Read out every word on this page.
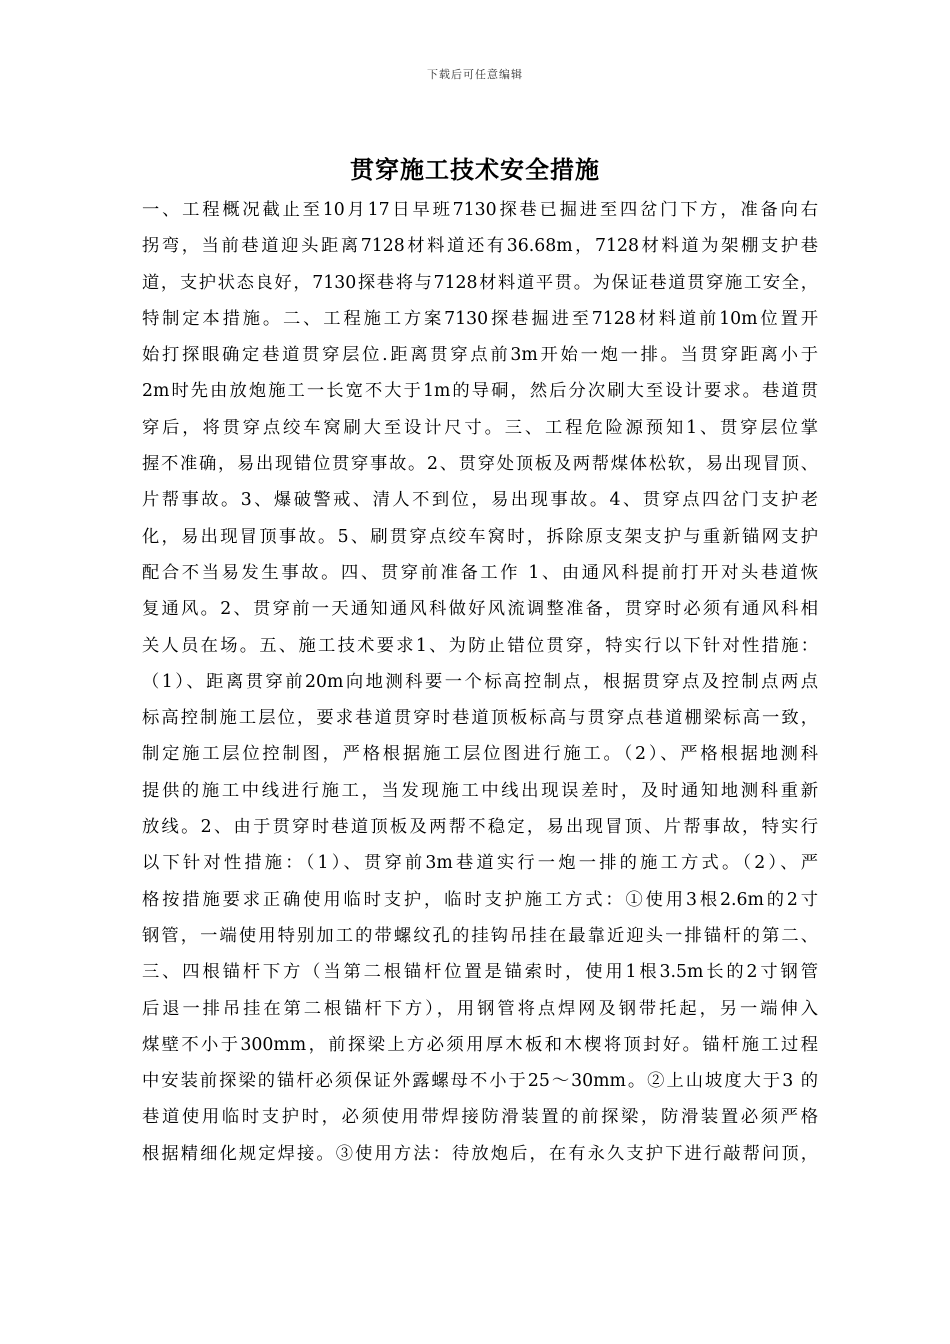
下载后可任意编辑
贯穿施工技术安全措施
一、工程概况截止至10月17日早班7130探巷已掘进至四岔门下方，准备向右
拐弯，当前巷道迎头距离7128材料道还有36.68m，7128材料道为架棚支护巷
道，支护状态良好，7130探巷将与7128材料道平贯。为保证巷道贯穿施工安全，
特制定本措施。二、工程施工方案7130探巷掘进至7128材料道前10m位置开
始打探眼确定巷道贯穿层位.距离贯穿点前3m开始一炮一排。当贯穿距离小于
2m时先由放炮施工一长宽不大于1m的导硐，然后分次刷大至设计要求。巷道贯
穿后，将贯穿点绞车窝刷大至设计尺寸。三、工程危险源预知1、贯穿层位掌
握不准确，易出现错位贯穿事故。2、贯穿处顶板及两帮煤体松软，易出现冒顶、
片帮事故。3、爆破警戒、清人不到位，易出现事故。4、贯穿点四岔门支护老
化，易出现冒顶事故。5、刷贯穿点绞车窝时，拆除原支架支护与重新锚网支护
配合不当易发生事故。四、贯穿前准备工作 1、由通风科提前打开对头巷道恢
复通风。2、贯穿前一天通知通风科做好风流调整准备，贯穿时必须有通风科相
关人员在场。五、施工技术要求1、为防止错位贯穿，特实行以下针对性措施：
（1）、距离贯穿前20m向地测科要一个标高控制点，根据贯穿点及控制点两点
标高控制施工层位，要求巷道贯穿时巷道顶板标高与贯穿点巷道棚梁标高一致，
制定施工层位控制图，严格根据施工层位图进行施工。（2）、严格根据地测科
提供的施工中线进行施工，当发现施工中线出现误差时，及时通知地测科重新
放线。2、由于贯穿时巷道顶板及两帮不稳定，易出现冒顶、片帮事故，特实行
以下针对性措施：（1）、贯穿前3m巷道实行一炮一排的施工方式。（2）、严
格按措施要求正确使用临时支护，临时支护施工方式：①使用3根2.6m的2寸
钢管，一端使用特别加工的带螺纹孔的挂钩吊挂在最靠近迎头一排锚杆的第二、
三、四根锚杆下方（当第二根锚杆位置是锚索时，使用1根3.5m长的2寸钢管
后退一排吊挂在第二根锚杆下方），用钢管将点焊网及钢带托起，另一端伸入
煤壁不小于300mm，前探梁上方必须用厚木板和木楔将顶封好。锚杆施工过程
中安装前探梁的锚杆必须保证外露螺母不小于25～30mm。②上山坡度大于3 的
巷道使用临时支护时，必须使用带焊接防滑装置的前探梁，防滑装置必须严格
根据精细化规定焊接。③使用方法：待放炮后，在有永久支护下进行敲帮问顶，
